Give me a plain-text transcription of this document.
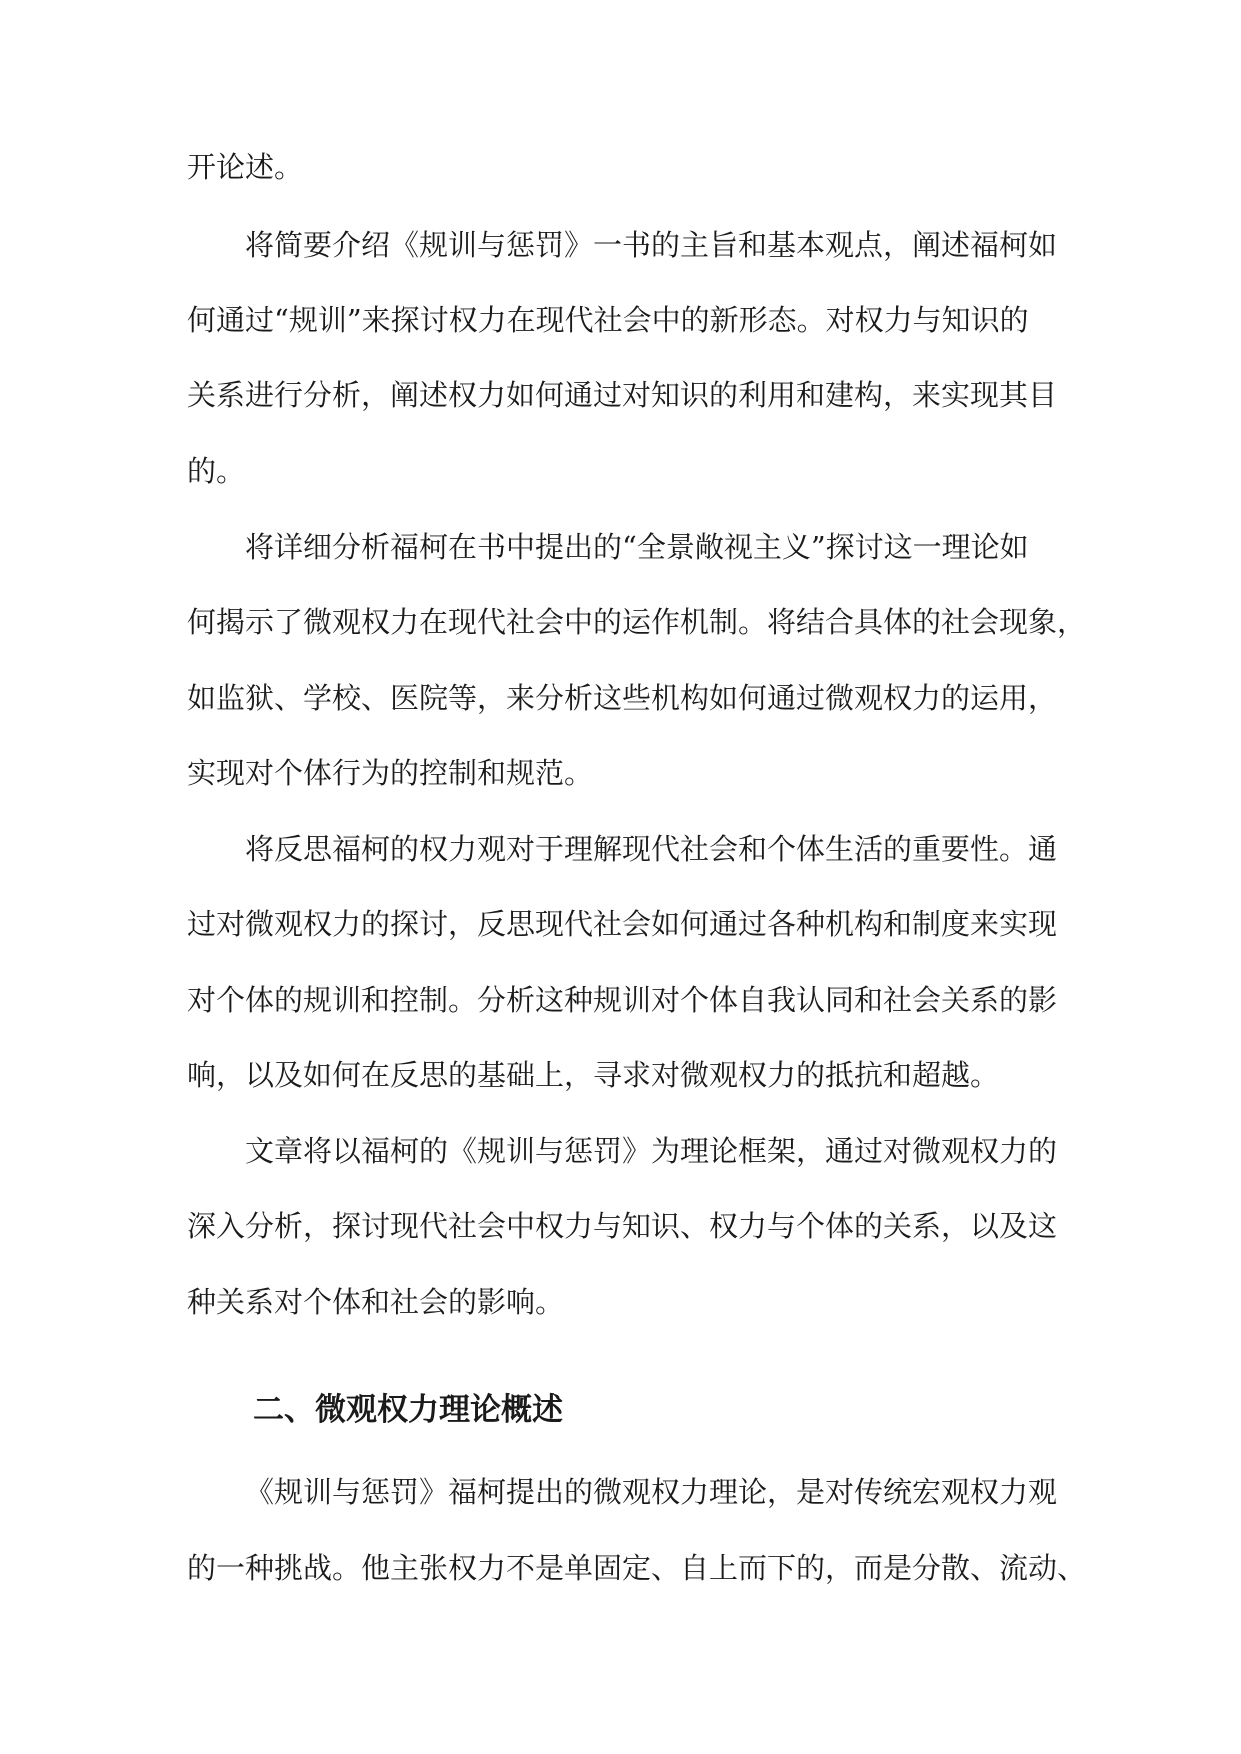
开论述。
将简要介绍《规训与惩罚》一书的主旨和基本观点，阐述福柯如
何通过“规训”来探讨权力在现代社会中的新形态。对权力与知识的
关系进行分析，阐述权力如何通过对知识的利用和建构，来实现其目
的。
将详细分析福柯在书中提出的“全景敞视主义”探讨这一理论如
何揭示了微观权力在现代社会中的运作机制。将结合具体的社会现象，
如监狱、学校、医院等，来分析这些机构如何通过微观权力的运用，
实现对个体行为的控制和规范。
将反思福柯的权力观对于理解现代社会和个体生活的重要性。通
过对微观权力的探讨，反思现代社会如何通过各种机构和制度来实现
对个体的规训和控制。分析这种规训对个体自我认同和社会关系的影
响，以及如何在反思的基础上，寻求对微观权力的抵抗和超越。
文章将以福柯的《规训与惩罚》为理论框架，通过对微观权力的
深入分析，探讨现代社会中权力与知识、权力与个体的关系，以及这
种关系对个体和社会的影响。
二、微观权力理论概述
《规训与惩罚》福柯提出的微观权力理论，是对传统宏观权力观
的一种挑战。他主张权力不是单固定、自上而下的，而是分散、流动、
